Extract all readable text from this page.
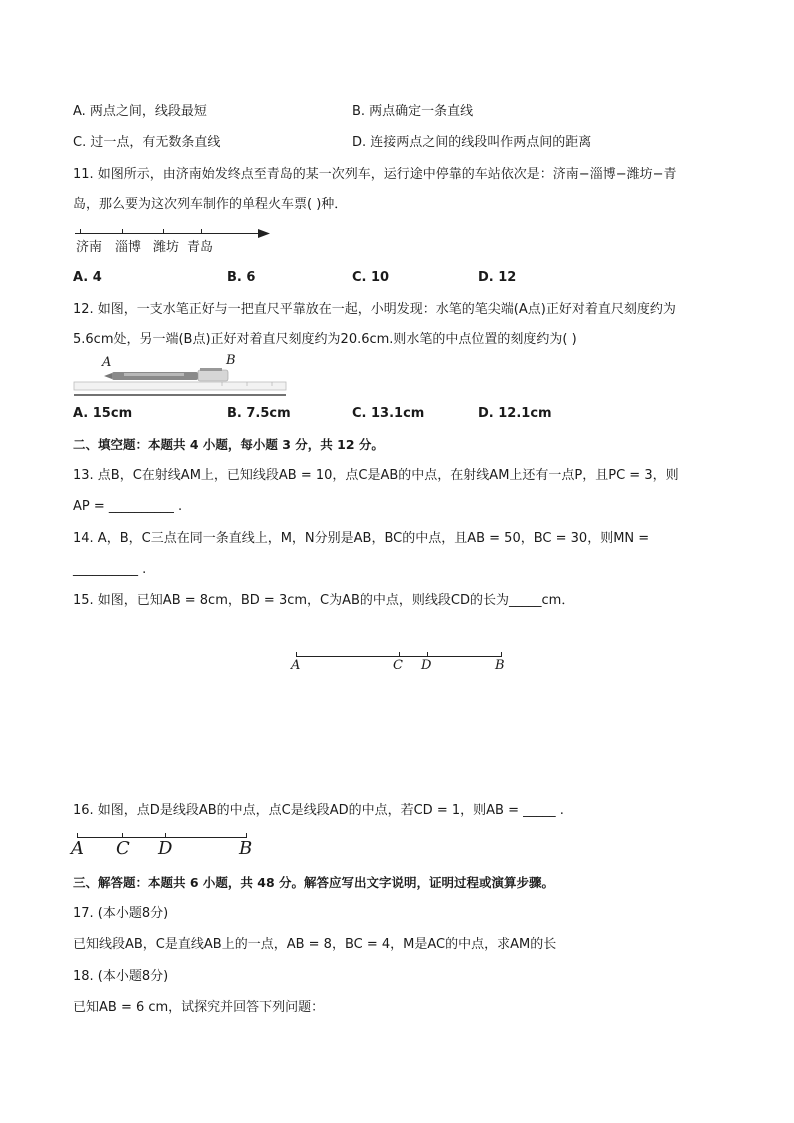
A. 两点之间，线段最短	B. 两点确定一条直线
C. 过一点，有无数条直线	D. 连接两点之间的线段叫作两点间的距离
11. 如图所示，由济南始发终点至青岛的某一次列车，运行途中停靠的车站依次是：济南−淄博−潍坊−青
岛，那么要为这次列车制作的单程火车票( )种．
济南 淄博 潍坊 青岛
A. 4	B. 6	C. 10	D. 12
12. 如图，一支水笔正好与一把直尺平靠放在一起，小明发现：水笔的笔尖端(A点)正好对着直尺刻度约为
5.6cm处，另一端(B点)正好对着直尺刻度约为20.6cm.则水笔的中点位置的刻度约为( )
A	B
A. 15cm	B. 7.5cm	C. 13.1cm	D. 12.1cm
二、填空题：本题共 4 小题，每小题 3 分，共 12 分。
13. 点B，C在射线AM上，已知线段AB = 10，点C是AB的中点，在射线AM上还有一点P，且PC = 3，则
AP = __________ .
14. A，B，C三点在同一条直线上，M，N分别是AB，BC的中点，且AB = 50，BC = 30，则MN =
__________ .
15. 如图，已知AB = 8cm，BD = 3cm，C为AB的中点，则线段CD的长为_____cm．
A	C D	B
16. 如图，点D是线段AB的中点，点C是线段AD的中点，若CD = 1，则AB = _____ .
A C D	B
三、解答题：本题共 6 小题，共 48 分。解答应写出文字说明，证明过程或演算步骤。
17. (本小题8分)
已知线段AB，C是直线AB上的一点，AB = 8，BC = 4，M是AC的中点，求AM的长
18. (本小题8分)
已知AB = 6 cm，试探究并回答下列问题：
